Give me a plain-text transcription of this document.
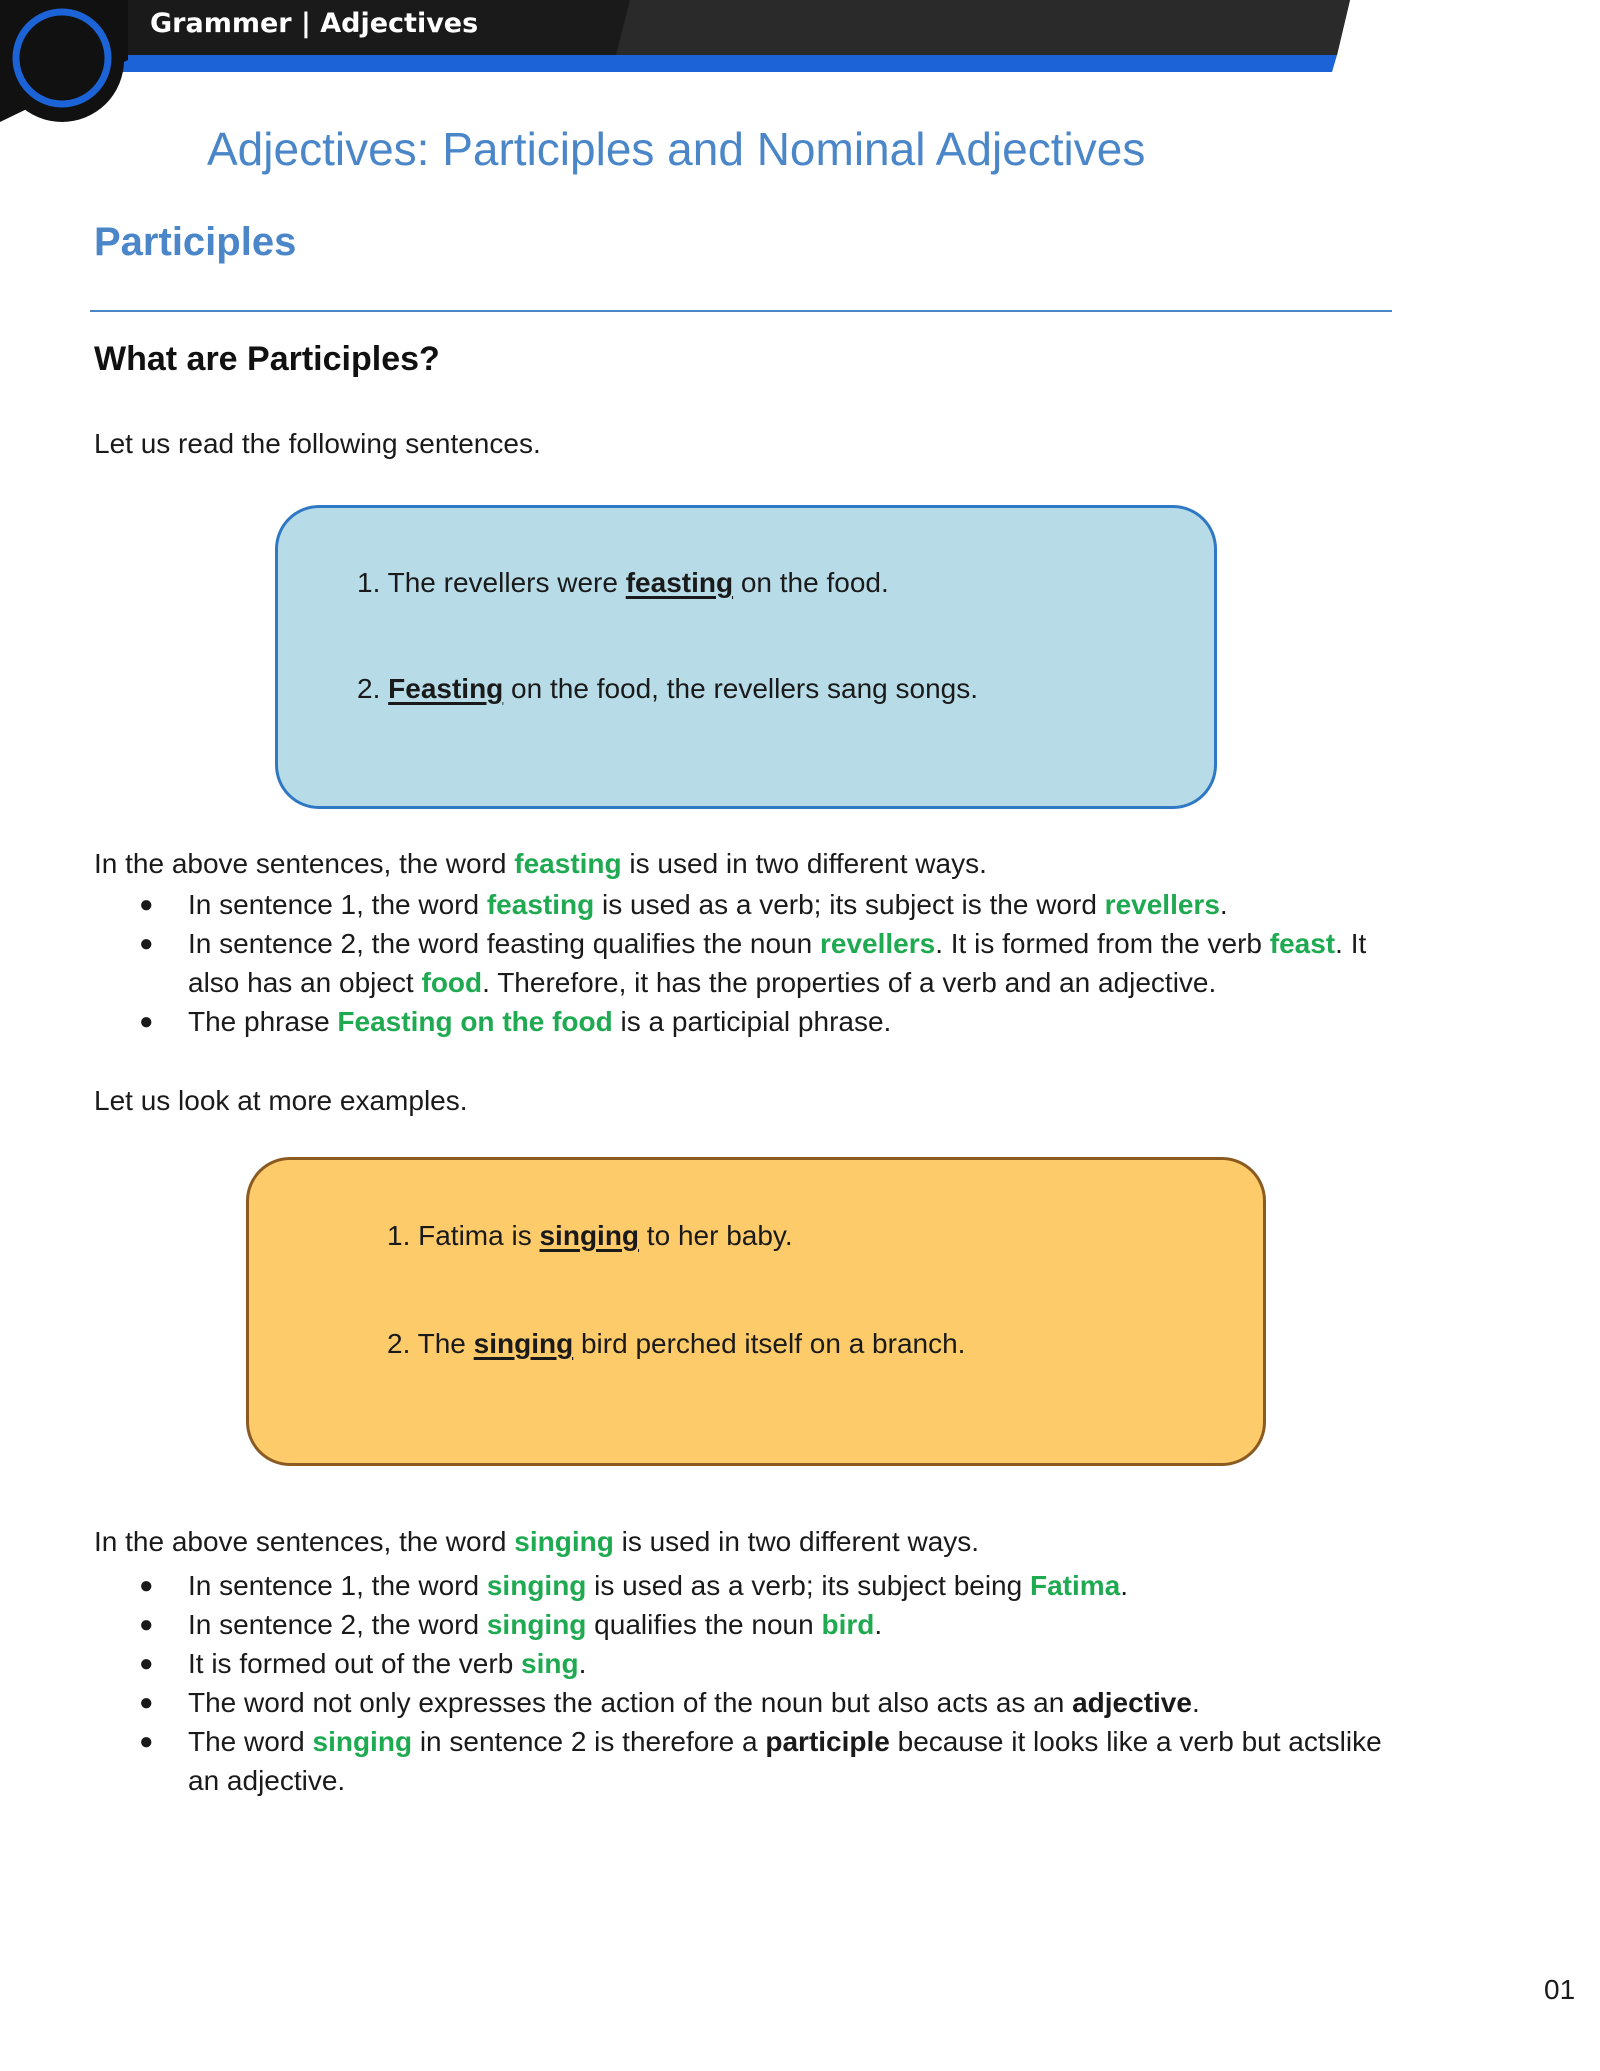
Grammer | Adjectives
Adjectives: Participles and Nominal Adjectives
Participles
What are Participles?

Let us read the following sentences.

1. The revellers were feasting on the food.

2. Feasting on the food, the revellers sang songs.

In the above sentences, the word feasting is used in two different ways.

● In sentence 1, the word feasting is used as a verb; its subject is the word revellers.
● In sentence 2, the word feasting qualifies the noun revellers. It is formed from the verb feast. It
also has an object food. Therefore, it has the properties of a verb and an adjective.
● The phrase Feasting on the food is a participial phrase.

Let us look at more examples.

1. Fatima is singing to her baby.

2. The singing bird perched itself on a branch.

In the above sentences, the word singing is used in two different ways.

● In sentence 1, the word singing is used as a verb; its subject being Fatima.
● In sentence 2, the word singing qualifies the noun bird.
● It is formed out of the verb sing.
● The word not only expresses the action of the noun but also acts as an adjective.
● The word singing in sentence 2 is therefore a participle because it looks like a verb but actslike
an adjective.
01
